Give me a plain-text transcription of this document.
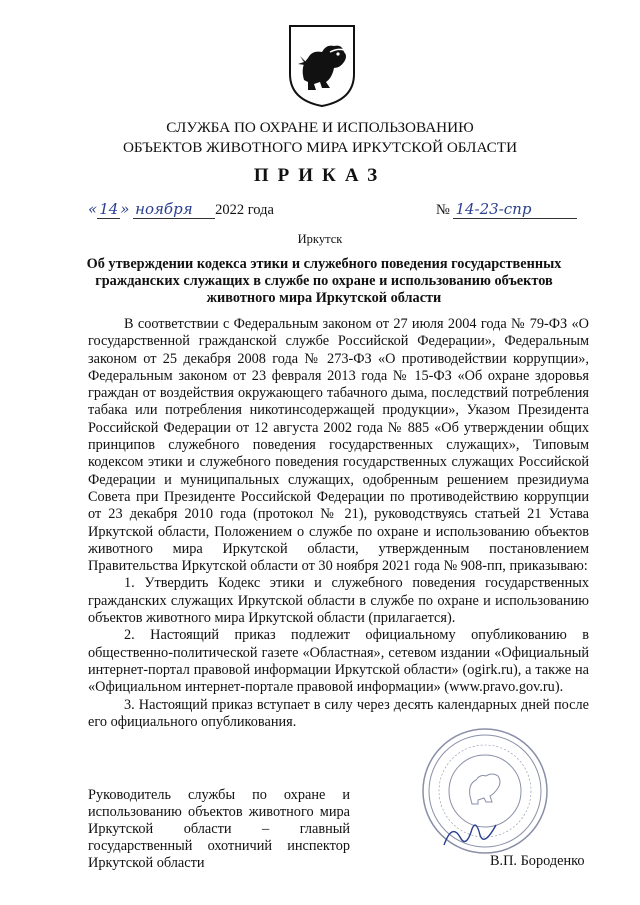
СЛУЖБА ПО ОХРАНЕ И ИСПОЛЬЗОВАНИЮ
ОБЪЕКТОВ ЖИВОТНОГО МИРА ИРКУТСКОЙ ОБЛАСТИ
ПРИКАЗ
« 14 » ноября 2022 года	№ 14-23-спр
Иркутск
Об утверждении кодекса этики и служебного поведения государственных гражданских служащих в службе по охране и использованию объектов животного мира Иркутской области

В соответствии с Федеральным законом от 27 июля 2004 года № 79-ФЗ «О государственной гражданской службе Российской Федерации», Федеральным законом от 25 декабря 2008 года № 273-ФЗ «О противодействии коррупции», Федеральным законом от 23 февраля 2013 года № 15-ФЗ «Об охране здоровья граждан от воздействия окружающего табачного дыма, последствий потребления табака или потребления никотинсодержащей продукции», Указом Президента Российской Федерации от 12 августа 2002 года № 885 «Об утверждении общих принципов служебного поведения государственных служащих», Типовым кодексом этики и служебного поведения государственных служащих Российской Федерации и муниципальных служащих, одобренным решением президиума Совета при Президенте Российской Федерации по противодействию коррупции от 23 декабря 2010 года (протокол № 21), руководствуясь статьей 21 Устава Иркутской области, Положением о службе по охране и использованию объектов животного мира Иркутской области, утвержденным постановлением Правительства Иркутской области от 30 ноября 2021 года № 908-пп, приказываю:

1. Утвердить Кодекс этики и служебного поведения государственных гражданских служащих Иркутской области в службе по охране и использованию объектов животного мира Иркутской области (прилагается).

2. Настоящий приказ подлежит официальному опубликованию в общественно-политической газете «Областная», сетевом издании «Официальный интернет-портал правовой информации Иркутской области» (ogirk.ru), а также на «Официальном интернет-портале правовой информации» (www.pravo.gov.ru).

3. Настоящий приказ вступает в силу через десять календарных дней после его официального опубликования.

Руководитель службы по охране и использованию объектов животного мира Иркутской области – главный государственный охотничий инспектор Иркутской области	В.П. Бороденко
